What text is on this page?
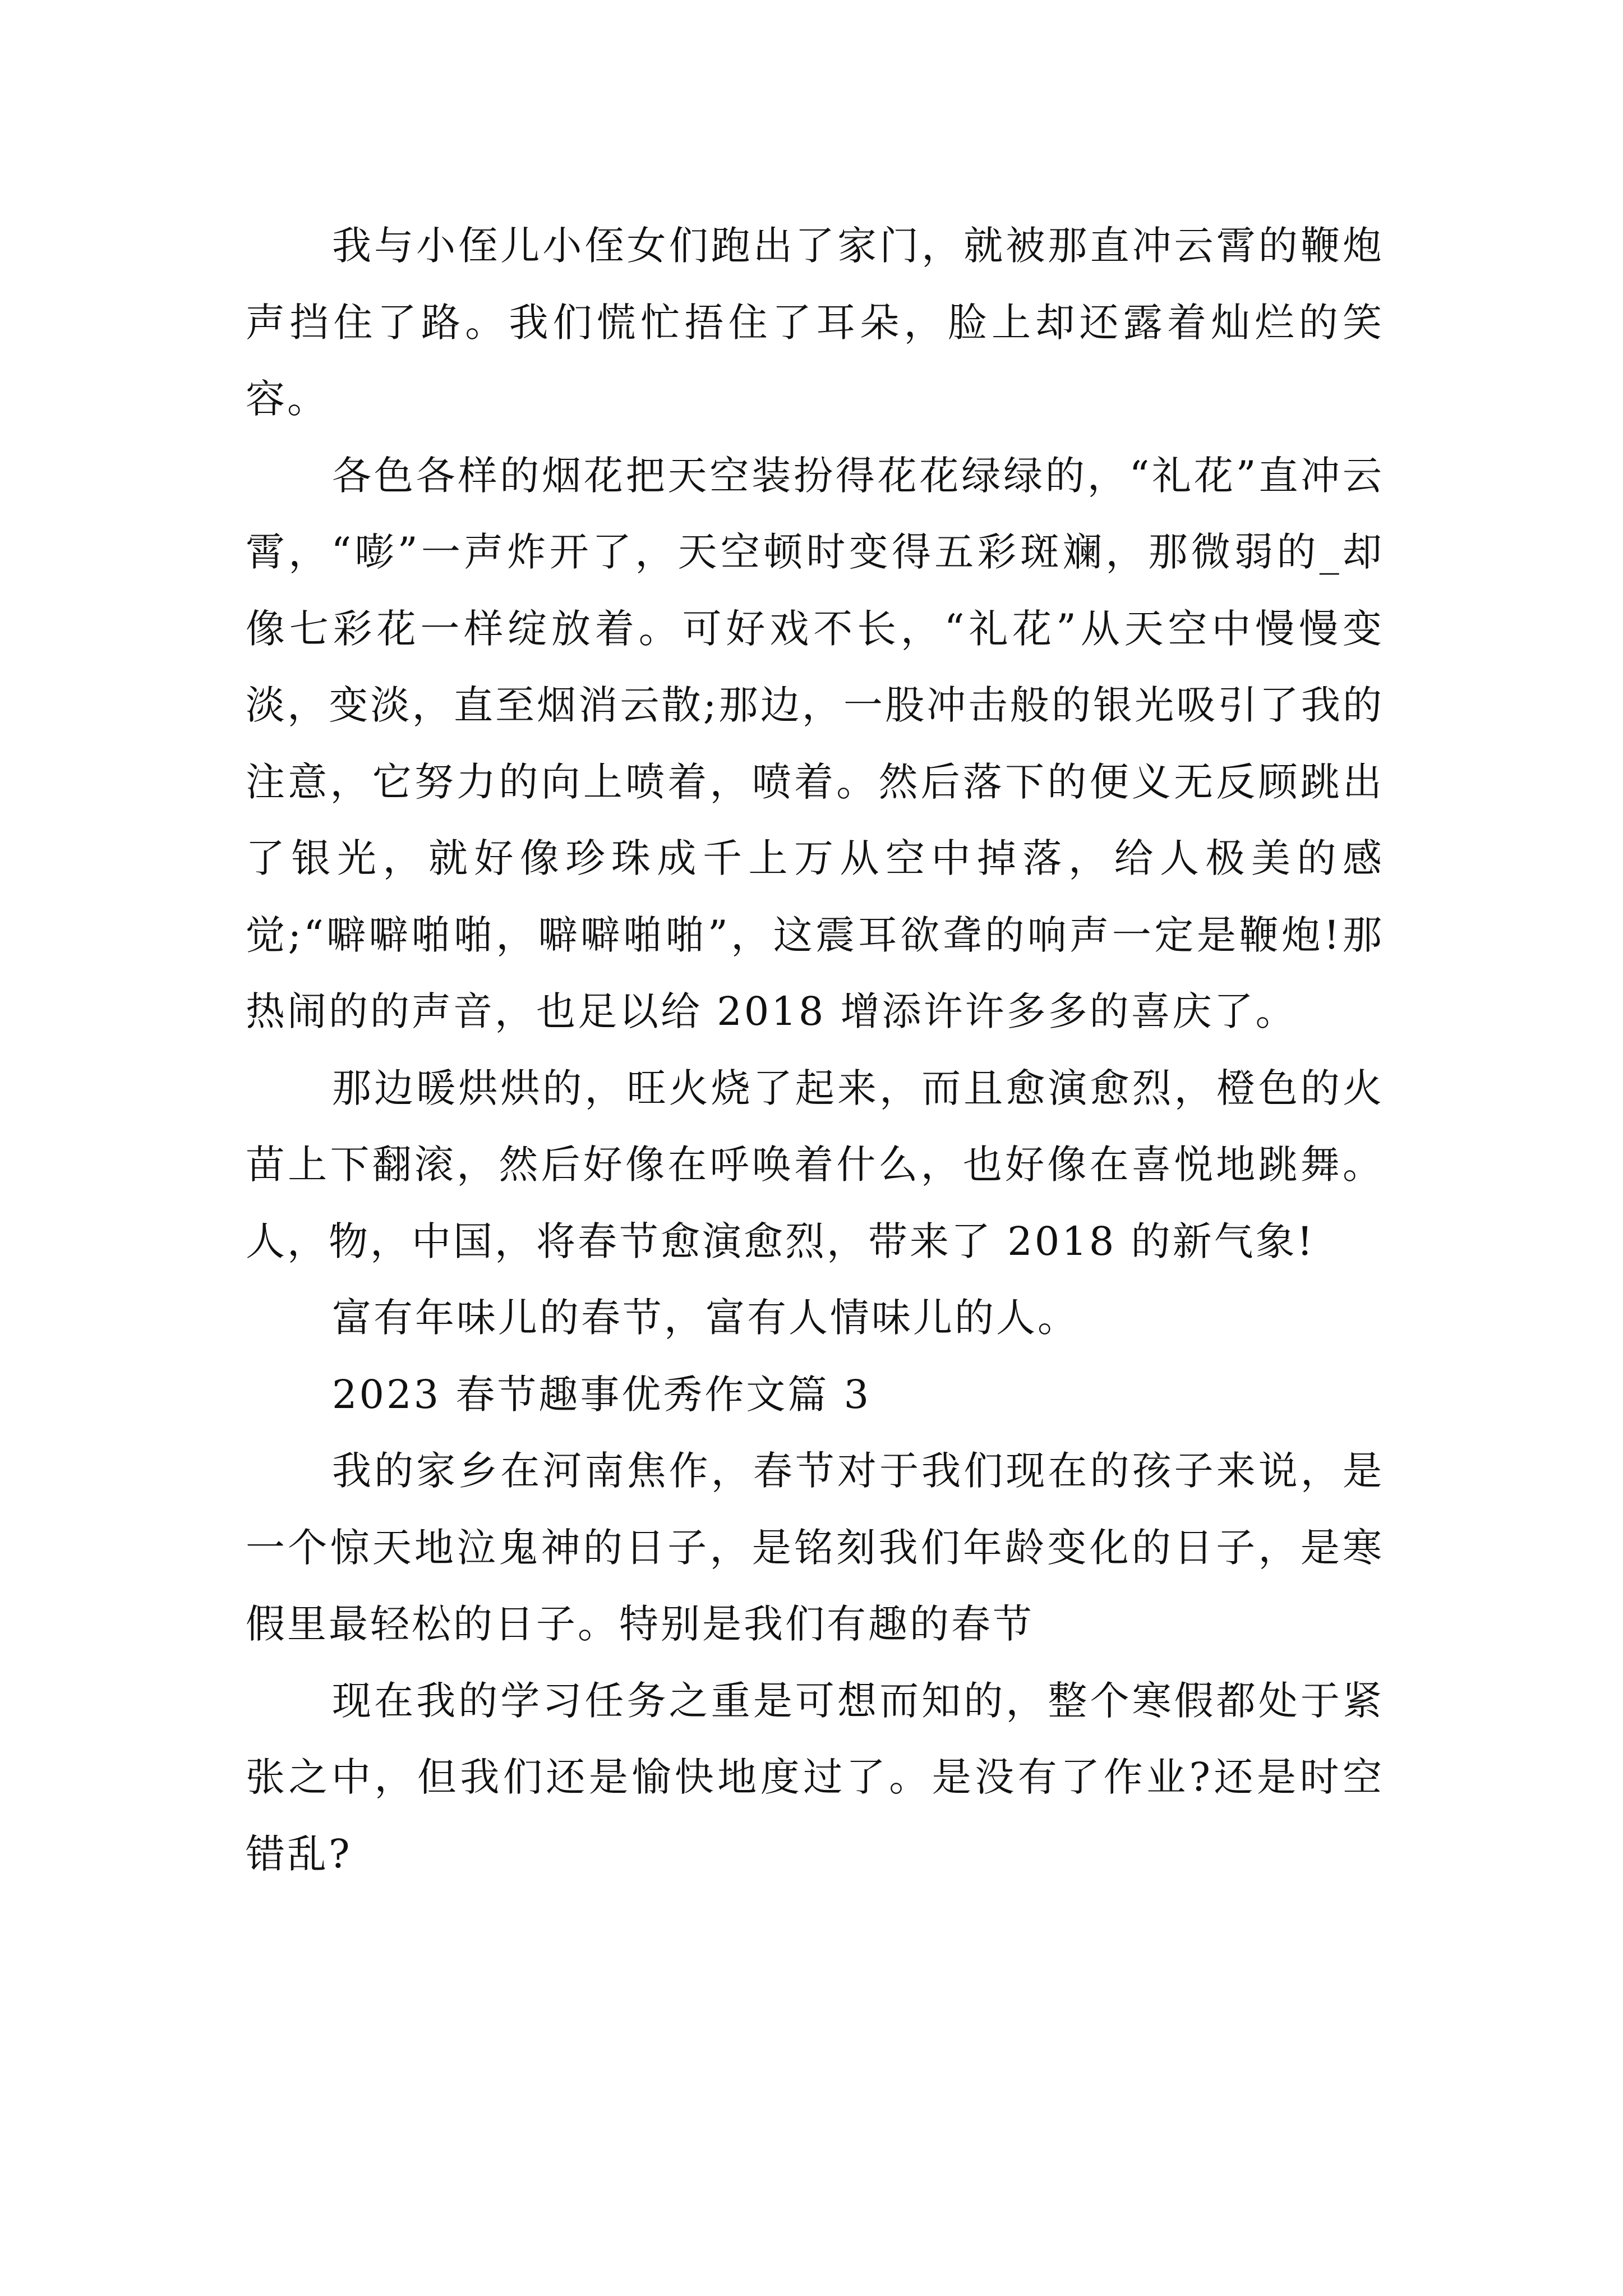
我与小侄儿小侄女们跑出了家门，就被那直冲云霄的鞭炮声挡住了路。我们慌忙捂住了耳朵，脸上却还露着灿烂的笑容。

各色各样的烟花把天空装扮得花花绿绿的，“礼花”直冲云霄，“嘭”一声炸开了，天空顿时变得五彩斑斓，那微弱的_却像七彩花一样绽放着。可好戏不长，“礼花”从天空中慢慢变淡，变淡，直至烟消云散;那边，一股冲击般的银光吸引了我的注意，它努力的向上喷着，喷着。然后落下的便义无反顾跳出了银光，就好像珍珠成千上万从空中掉落，给人极美的感觉;“噼噼啪啪，噼噼啪啪”，这震耳欲聋的响声一定是鞭炮!那热闹的的声音，也足以给 2018 增添许许多多的喜庆了。

那边暖烘烘的，旺火烧了起来，而且愈演愈烈，橙色的火苗上下翻滚，然后好像在呼唤着什么，也好像在喜悦地跳舞。人，物，中国，将春节愈演愈烈，带来了 2018 的新气象!

富有年味儿的春节，富有人情味儿的人。

2023 春节趣事优秀作文篇 3

我的家乡在河南焦作，春节对于我们现在的孩子来说，是一个惊天地泣鬼神的日子，是铭刻我们年龄变化的日子，是寒假里最轻松的日子。特别是我们有趣的春节

现在我的学习任务之重是可想而知的，整个寒假都处于紧张之中，但我们还是愉快地度过了。是没有了作业?还是时空错乱?
